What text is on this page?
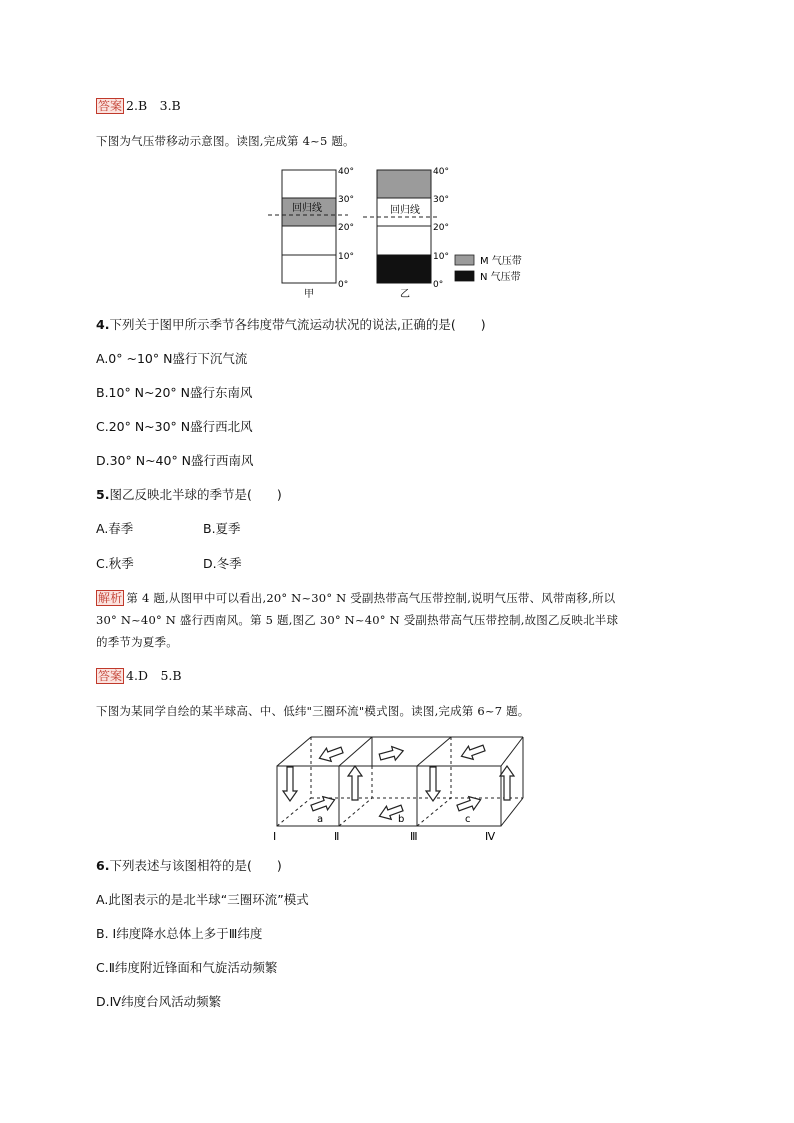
答案 2.B　3.B
下图为气压带移动示意图。读图,完成第 4~5 题。
回归线	回归线
40°
30°
20°
10°
0°
40°
30°
20°
10°
0°
甲	乙
M 气压带
N 气压带
4.下列关于图甲所示季节各纬度带气流运动状况的说法,正确的是(　　)
A.0° ~10° N盛行下沉气流
B.10° N~20° N盛行东南风
C.20° N~30° N盛行西北风
D.30° N~40° N盛行西南风
5.图乙反映北半球的季节是(　　)
A.春季	B.夏季
C.秋季	D.冬季
解析 第 4 题,从图甲中可以看出,20° N~30° N 受副热带高气压带控制,说明气压带、风带南移,所以
30° N~40° N 盛行西南风。第 5 题,图乙 30° N~40° N 受副热带高气压带控制,故图乙反映北半球
的季节为夏季。
答案 4.D　5.B
下图为某同学自绘的某半球高、中、低纬"三圈环流"模式图。读图,完成第 6~7 题。
a	b	c
Ⅰ	Ⅱ	Ⅲ	Ⅳ
6.下列表述与该图相符的是(　　)
A.此图表示的是北半球“三圈环流”模式
B. Ⅰ纬度降水总体上多于Ⅲ纬度
C.Ⅱ纬度附近锋面和气旋活动频繁
D.Ⅳ纬度台风活动频繁
